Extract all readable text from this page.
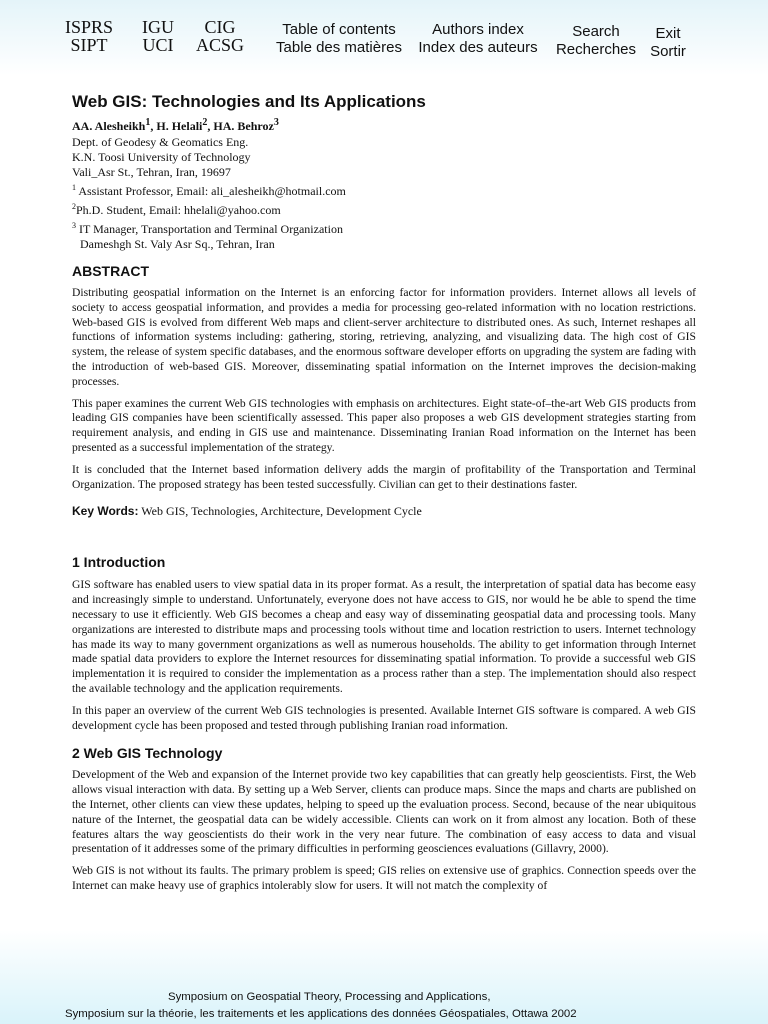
ISPRS
SIPT
IGU
UCI
CIG
ACSG
Table of contents
Table des matières
Authors index
Index des auteurs
Search
Recherches
Exit
Sortir
Web GIS: Technologies and Its Applications
AA. Alesheikh$^1$, H. Helali$^2$, HA. Behroz$^3$
Dept. of Geodesy & Geomatics Eng.
K.N. Toosi University of Technology
Vali_Asr St., Tehran, Iran, 19697
$^1$ Assistant Professor, Email: ali_alesheikh@hotmail.com
$^2$Ph.D. Student, Email: hhelali@yahoo.com
$^3$ IT Manager, Transportation and Terminal Organization
Dameshgh St. Valy Asr Sq., Tehran, Iran
ABSTRACT

Distributing geospatial information on the Internet is an enforcing factor for information providers. Internet allows all levels of society to access geospatial information, and provides a media for processing geo-related information with no location restrictions. Web-based GIS is evolved from different Web maps and client-server architecture to distributed ones. As such, Internet reshapes all functions of information systems including: gathering, storing, retrieving, analyzing, and visualizing data. The high cost of GIS system, the release of system specific databases, and the enormous software developer efforts on upgrading the system are fading with the introduction of web-based GIS. Moreover, disseminating spatial information on the Internet improves the decision-making processes.

This paper examines the current Web GIS technologies with emphasis on architectures. Eight state-of–the-art Web GIS products from leading GIS companies have been scientifically assessed. This paper also proposes a web GIS development strategies starting from requirement analysis, and ending in GIS use and maintenance. Disseminating Iranian Road information on the Internet has been presented as a successful implementation of the strategy.

It is concluded that the Internet based information delivery adds the margin of profitability of the Transportation and Terminal Organization. The proposed strategy has been tested successfully. Civilian can get to their destinations faster.

Key Words: Web GIS, Technologies, Architecture, Development Cycle
1 Introduction

GIS software has enabled users to view spatial data in its proper format. As a result, the interpretation of spatial data has become easy and increasingly simple to understand. Unfortunately, everyone does not have access to GIS, nor would he be able to spend the time necessary to use it efficiently. Web GIS becomes a cheap and easy way of disseminating geospatial data and processing tools. Many organizations are interested to distribute maps and processing tools without time and location restriction to users. Internet technology has made its way to many government organizations as well as numerous households. The ability to get information through Internet made spatial data providers to explore the Internet resources for disseminating spatial information. To provide a successful web GIS implementation it is required to consider the implementation as a process rather than a step. The implementation should also respect the available technology and the application requirements.

In this paper an overview of the current Web GIS technologies is presented. Available Internet GIS software is compared. A web GIS development cycle has been proposed and tested through publishing Iranian road information.

2 Web GIS Technology

Development of the Web and expansion of the Internet provide two key capabilities that can greatly help geoscientists. First, the Web allows visual interaction with data. By setting up a Web Server, clients can produce maps. Since the maps and charts are published on the Internet, other clients can view these updates, helping to speed up the evaluation process. Second, because of the near ubiquitous nature of the Internet, the geospatial data can be widely accessible. Clients can work on it from almost any location. Both of these features altars the way geoscientists do their work in the very near future. The combination of easy access to data and visual presentation of it addresses some of the primary difficulties in performing geosciences evaluations (Gillavry, 2000).

Web GIS is not without its faults. The primary problem is speed; GIS relies on extensive use of graphics. Connection speeds over the Internet can make heavy use of graphics intolerably slow for users. It will not match the complexity of

Symposium on Geospatial Theory, Processing and Applications,
Symposium sur la théorie, les traitements et les applications des données Géospatiales, Ottawa 2002
